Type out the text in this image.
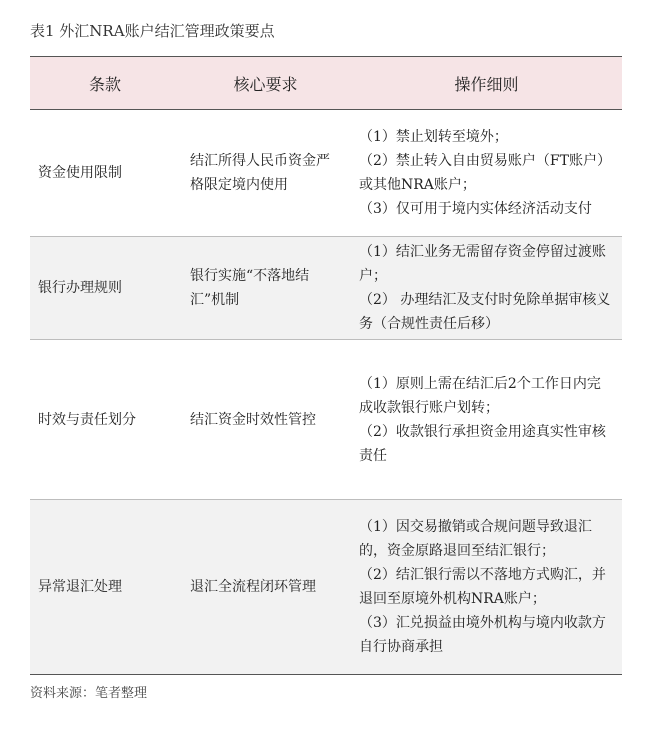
表1 外汇NRA账户结汇管理政策要点
条款	核心要求	操作细则
资金使用限制	结汇所得人民币资金严格限定境内使用	（1）禁止划转至境外；
（2）禁止转入自由贸易账户（FT账户）或其他NRA账户；
（3）仅可用于境内实体经济活动支付

银行办理规则	银行实施“不落地结汇”机制	（1）结汇业务无需留存资金停留过渡账户；
（2） 办理结汇及支付时免除单据审核义务（合规性责任后移）

时效与责任划分	结汇资金时效性管控	（1）原则上需在结汇后2个工作日内完成收款银行账户划转；
（2）收款银行承担资金用途真实性审核责任

异常退汇处理	退汇全流程闭环管理	（1）因交易撤销或合规问题导致退汇的，资金原路退回至结汇银行；
（2）结汇银行需以不落地方式购汇，并退回至原境外机构NRA账户；
（3）汇兑损益由境外机构与境内收款方自行协商承担
资料来源：笔者整理
